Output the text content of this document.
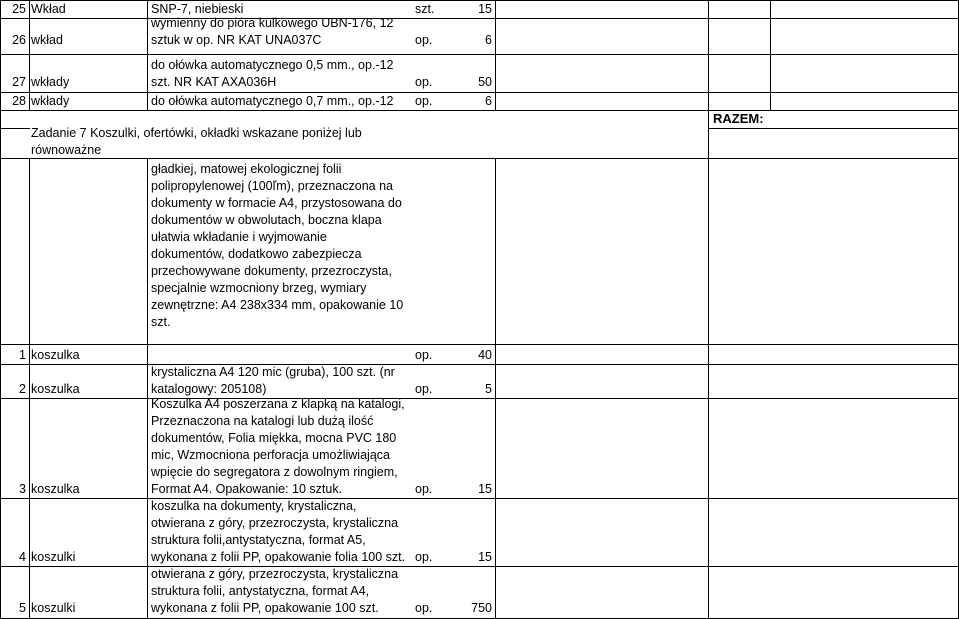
25 Wkład	SNP-7, niebieski	szt.	15
26 wkład
wymienny do pióra kulkowego UBN-176, 12
sztuk w op. NR KAT UNA037C	op.	6
27 wkłady
do ołówka automatycznego 0,5 mm., op.-12
szt. NR KAT AXA036H	op.	50
28 wkłady	do ołówka automatycznego 0,7 mm., op.-12 op.	6
RAZEM:
Zadanie 7 Koszulki, ofertówki, okładki wskazane poniżej lub
równoważne
gładkiej, matowej ekologicznej folii
polipropylenowej (100ľm), przeznaczona na
dokumenty w formacie A4, przystosowana do
dokumentów w obwolutach, boczna klapa
ułatwia wkładanie i wyjmowanie
dokumentów, dodatkowo zabezpiecza
przechowywane dokumenty, przezroczysta,
specjalnie wzmocniony brzeg, wymiary
zewnętrzne: A4 238x334 mm, opakowanie 10
szt.
1 koszulka	op.	40
2 koszulka
krystaliczna A4 120 mic (gruba), 100 szt. (nr
katalogowy: 205108)	op.	5
3 koszulka
Koszulka A4 poszerzana z klapką na katalogi,
Przeznaczona na katalogi lub dużą ilość
dokumentów, Folia miękka, mocna PVC 180
mic, Wzmocniona perforacja umożliwiająca
wpięcie do segregatora z dowolnym ringiem,
Format A4. Opakowanie: 10 sztuk.	op.	15
4 koszulki
koszulka na dokumenty, krystaliczna,
otwierana z góry, przezroczysta, krystaliczna
struktura folii,antystatyczna, format A5,
wykonana z folii PP, opakowanie folia 100 szt. op.	15
5 koszulki
otwierana z góry, przezroczysta, krystaliczna
struktura folii, antystatyczna, format A4,
wykonana z folii PP, opakowanie 100 szt.	op.	750
